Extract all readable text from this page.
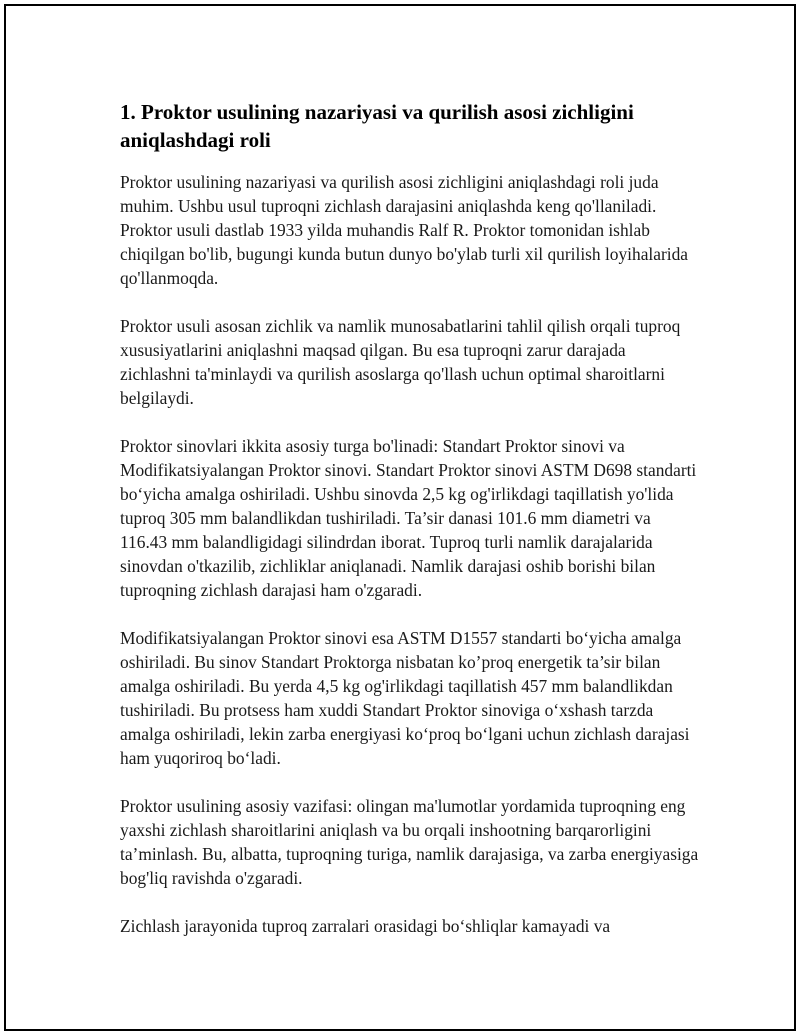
1. Proktor usulining nazariyasi va qurilish asosi zichligini aniqlashdagi roli

Proktor usulining nazariyasi va qurilish asosi zichligini aniqlashdagi roli juda muhim. Ushbu usul tuproqni zichlash darajasini aniqlashda keng qo'llaniladi. Proktor usuli dastlab 1933 yilda muhandis Ralf R. Proktor tomonidan ishlab chiqilgan bo'lib, bugungi kunda butun dunyo bo'ylab turli xil qurilish loyihalarida qo'llanmoqda.

Proktor usuli asosan zichlik va namlik munosabatlarini tahlil qilish orqali tuproq xususiyatlarini aniqlashni maqsad qilgan. Bu esa tuproqni zarur darajada zichlashni ta'minlaydi va qurilish asoslarga qo'llash uchun optimal sharoitlarni belgilaydi.

Proktor sinovlari ikkita asosiy turga bo'linadi: Standart Proktor sinovi va Modifikatsiyalangan Proktor sinovi. Standart Proktor sinovi ASTM D698 standarti bo‘yicha amalga oshiriladi. Ushbu sinovda 2,5 kg og'irlikdagi taqillatish yo'lida tuproq 305 mm balandlikdan tushiriladi. Ta’sir danasi 101.6 mm diametri va 116.43 mm balandligidagi silindrdan iborat. Tuproq turli namlik darajalarida sinovdan o'tkazilib, zichliklar aniqlanadi. Namlik darajasi oshib borishi bilan tuproqning zichlash darajasi ham o'zgaradi.

Modifikatsiyalangan Proktor sinovi esa ASTM D1557 standarti bo‘yicha amalga oshiriladi. Bu sinov Standart Proktorga nisbatan ko’proq energetik ta’sir bilan amalga oshiriladi. Bu yerda 4,5 kg og'irlikdagi taqillatish 457 mm balandlikdan tushiriladi. Bu protsess ham xuddi Standart Proktor sinoviga o‘xshash tarzda amalga oshiriladi, lekin zarba energiyasi ko‘proq bo‘lgani uchun zichlash darajasi ham yuqoriroq bo‘ladi.

Proktor usulining asosiy vazifasi: olingan ma'lumotlar yordamida tuproqning eng yaxshi zichlash sharoitlarini aniqlash va bu orqali inshootning barqarorligini ta’minlash. Bu, albatta, tuproqning turiga, namlik darajasiga, va zarba energiyasiga bog'liq ravishda o'zgaradi.

Zichlash jarayonida tuproq zarralari orasidagi bo‘shliqlar kamayadi va
